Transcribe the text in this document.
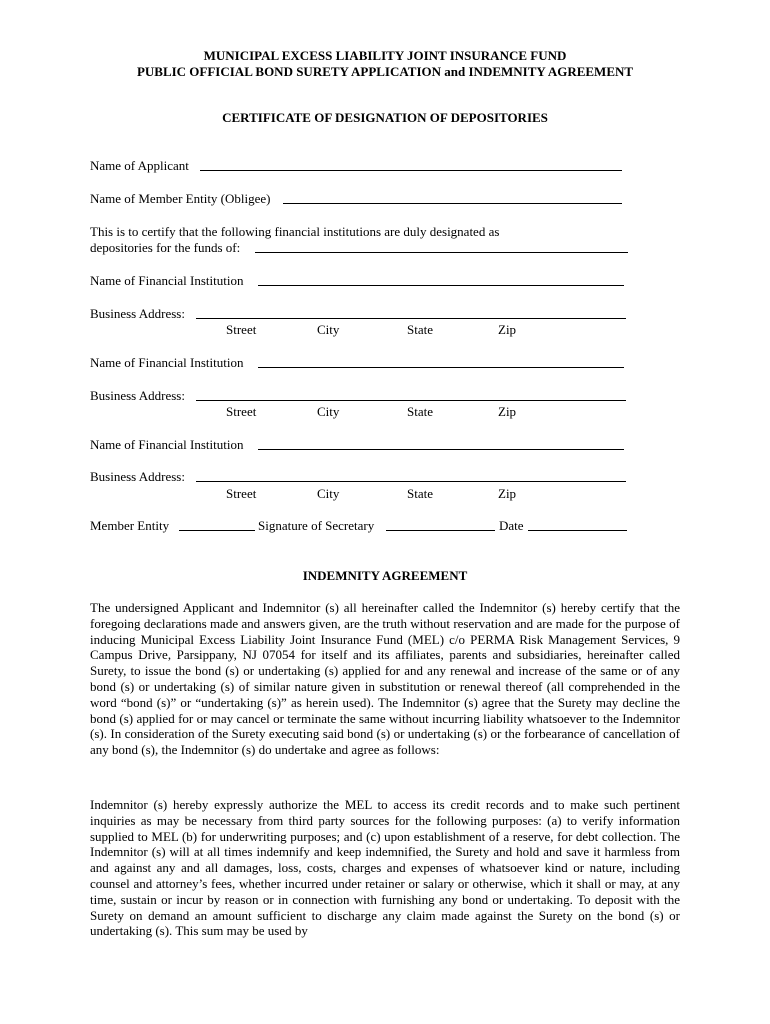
MUNICIPAL EXCESS LIABILITY JOINT INSURANCE FUND
PUBLIC OFFICIAL BOND SURETY APPLICATION and INDEMNITY AGREEMENT
CERTIFICATE OF DESIGNATION OF DEPOSITORIES
Name of Applicant
Name of Member Entity (Obligee)
This is to certify that the following financial institutions are duly designated as
depositories for the funds of:
Name of Financial Institution
Business Address:
Street	City	State	Zip
Name of Financial Institution
Business Address:
Street	City	State	Zip
Name of Financial Institution
Business Address:
Street	City	State	Zip
Member Entity	Signature of Secretary	Date
INDEMNITY AGREEMENT
The undersigned Applicant and Indemnitor (s) all hereinafter called the Indemnitor (s) hereby certify that the foregoing declarations made and answers given, are the truth without reservation and are made for the purpose of inducing Municipal Excess Liability Joint Insurance Fund (MEL) c/o PERMA Risk Management Services, 9 Campus Drive, Parsippany, NJ 07054 for itself and its affiliates, parents and subsidiaries, hereinafter called Surety, to issue the bond (s) or undertaking (s) applied for and any renewal and increase of the same or of any bond (s) or undertaking (s) of similar nature given in substitution or renewal thereof (all comprehended in the word “bond (s)” or “undertaking (s)” as herein used). The Indemnitor (s) agree that the Surety may decline the bond (s) applied for or may cancel or terminate the same without incurring liability whatsoever to the Indemnitor (s). In consideration of the Surety executing said bond (s) or undertaking (s) or the forbearance of cancellation of any bond (s), the Indemnitor (s) do undertake and agree as follows:
Indemnitor (s) hereby expressly authorize the MEL to access its credit records and to make such pertinent inquiries as may be necessary from third party sources for the following purposes: (a) to verify information supplied to MEL (b) for underwriting purposes; and (c) upon establishment of a reserve, for debt collection. The Indemnitor (s) will at all times indemnify and keep indemnified, the Surety and hold and save it harmless from and against any and all damages, loss, costs, charges and expenses of whatsoever kind or nature, including counsel and attorney’s fees, whether incurred under retainer or salary or otherwise, which it shall or may, at any time, sustain or incur by reason or in connection with furnishing any bond or undertaking. To deposit with the Surety on demand an amount sufficient to discharge any claim made against the Surety on the bond (s) or undertaking (s). This sum may be used by
